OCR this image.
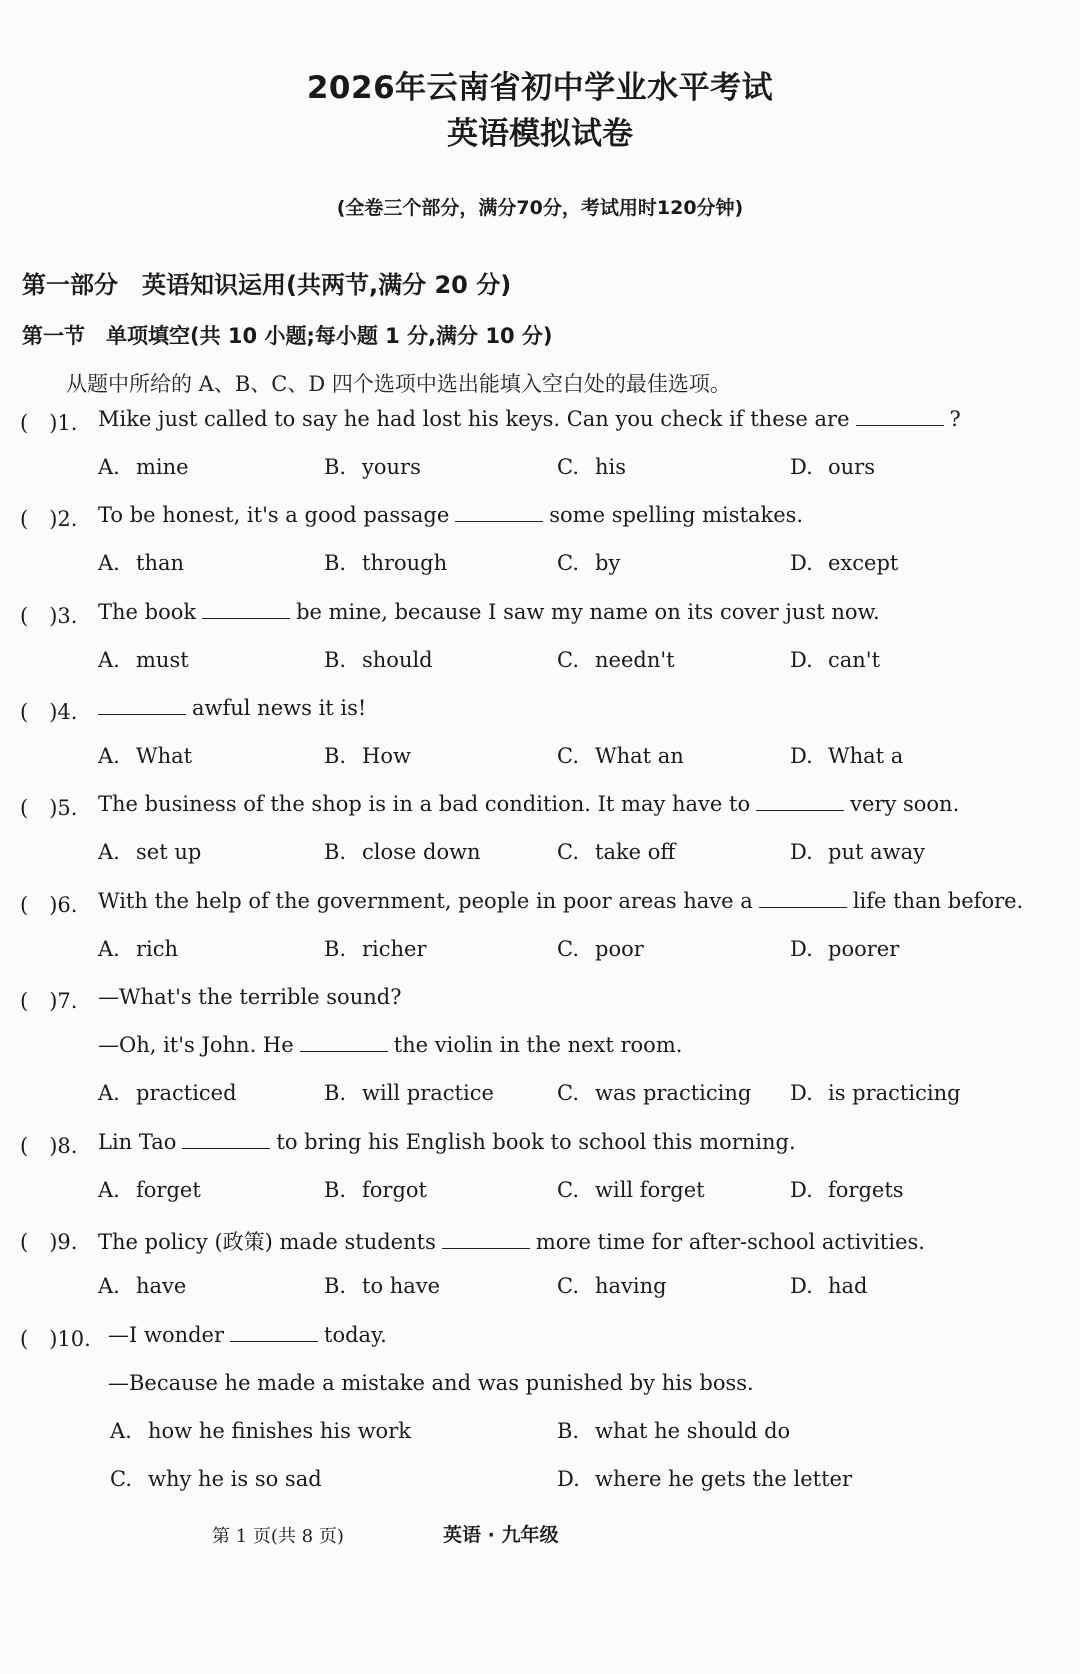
2026年云南省初中学业水平考试
英语模拟试卷
(全卷三个部分，满分70分，考试用时120分钟)
第一部分　英语知识运用(共两节,满分 20 分)
第一节　单项填空(共 10 小题;每小题 1 分,满分 10 分)
从题中所给的 A、B、C、D 四个选项中选出能填入空白处的最佳选项。
(　)1. Mike just called to say he had lost his keys. Can you check if these are	?
A. mine	B. yours	C. his	D. ours
(　)2. To be honest, it's a good passage	some spelling mistakes.
A. than	B. through	C. by	D. except
(　)3. The book	be mine, because I saw my name on its cover just now.
A. must	B. should	C. needn't	D. can't
(　)4.	awful news it is!
A. What	B. How	C. What an	D. What a
(　)5. The business of the shop is in a bad condition. It may have to	very soon.
A. set up	B. close down	C. take off	D. put away
(　)6. With the help of the government, people in poor areas have a	life than before.
A. rich	B. richer	C. poor	D. poorer
(　)7. —What's the terrible sound?
—Oh, it's John. He	the violin in the next room.
A. practiced	B. will practice	C. was practicing D. is practicing
(　)8. Lin Tao	to bring his English book to school this morning.
A. forget	B. forgot	C. will forget	D. forgets
(　)9. The policy (政策) made students	more time for after-school activities.
A. have	B. to have	C. having	D. had
(　)10. —I wonder	today.
—Because he made a mistake and was punished by his boss.
A. how he finishes his work	B. what he should do
C. why he is so sad	D. where he gets the letter
第 1 页(共 8 页)	英语 · 九年级
